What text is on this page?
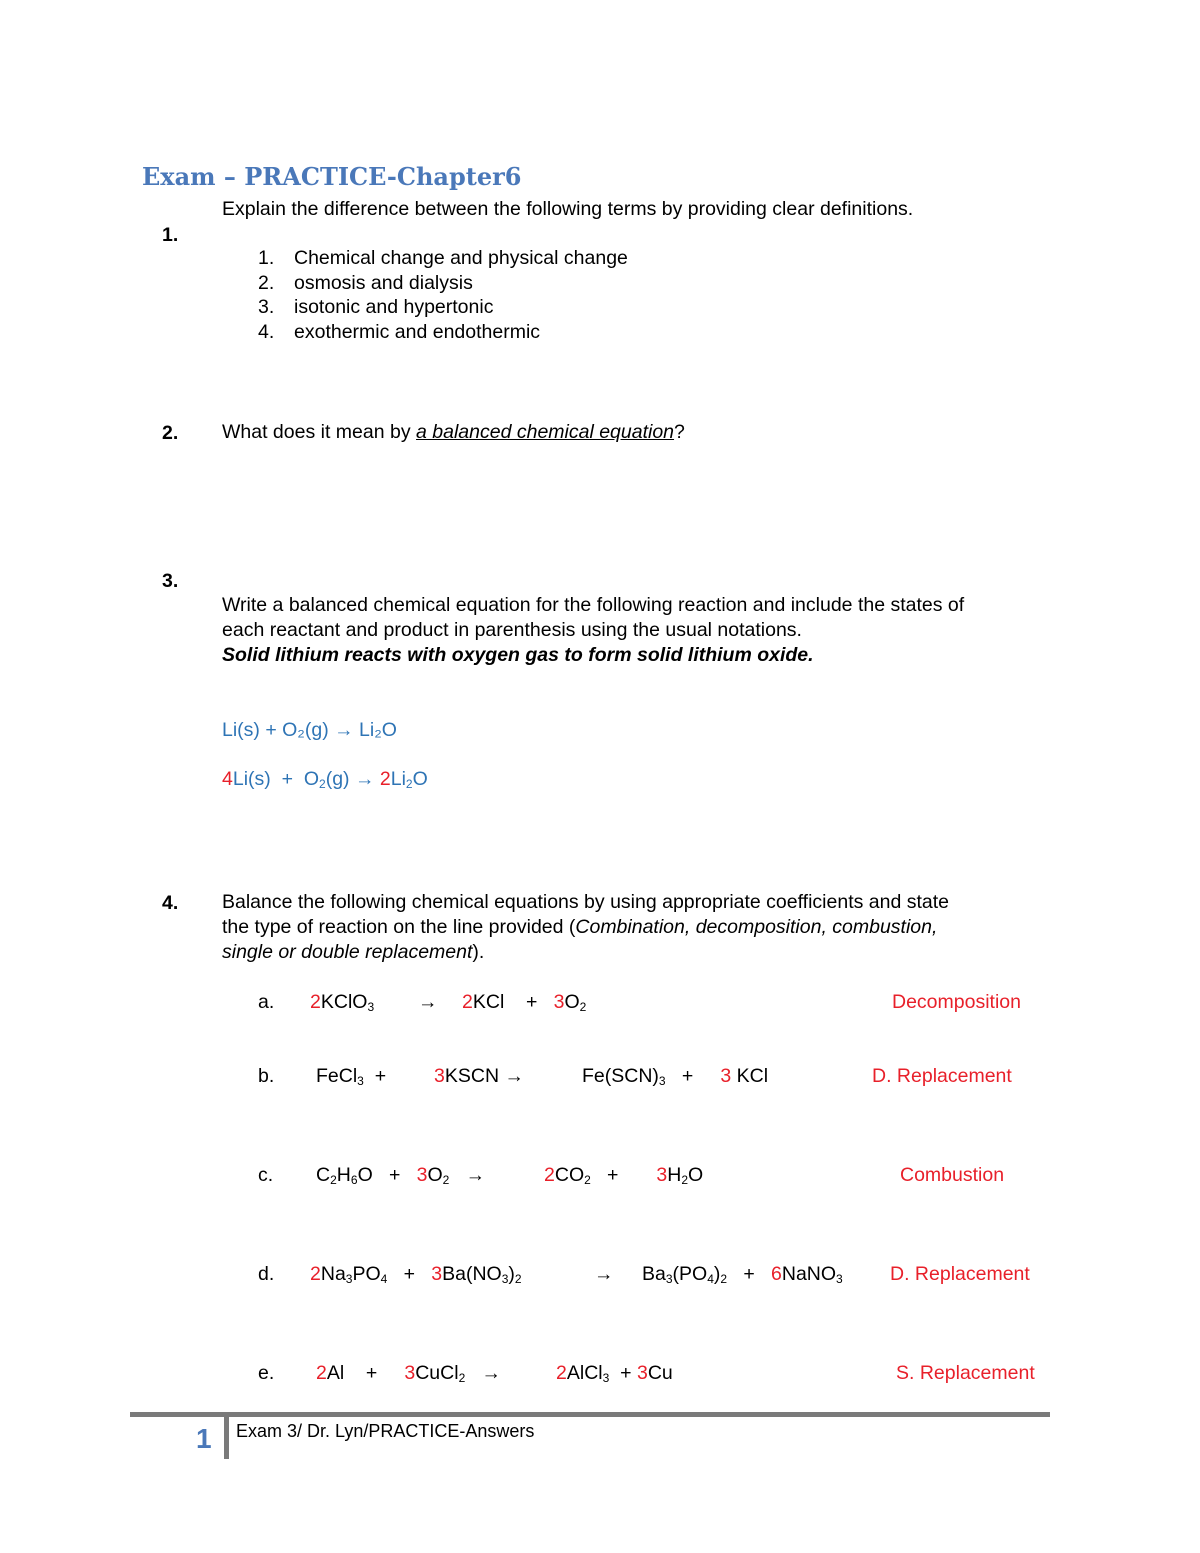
Exam – PRACTICE-Chapter6
1.
Explain the difference between the following terms by providing clear definitions.
1. Chemical change and physical change
2. osmosis and dialysis
3. isotonic and hypertonic
4. exothermic and endothermic
2. What does it mean by a balanced chemical equation?
3.
Write a balanced chemical equation for the following reaction and include the states of
each reactant and product in parenthesis using the usual notations.
Solid lithium reacts with oxygen gas to form solid lithium oxide.
Li(s) + O₂(g) → Li₂O
$4Li(s) + O_2(g) \to 2Li_2O$
4. Balance the following chemical equations by using appropriate coefficients and state
the type of reaction on the line provided (Combination, decomposition, combustion,
single or double replacement).
a. 2KClO$_3$ → 2KCl    +   $3O_2$	Decomposition
b. FeCl$_3$  + 3KSCN →	$Fe(SCN)_3$   +     3 KCl	D. Replacement
c. $C_2H_6O + 3O_2$ →	$2CO_2$   +       $3H_2O$	Combustion
d. $2Na_3PO_4 + 3Ba(NO_3)_2$	→ $Ba_3(PO_4)_2$   +   6NaNO$_3$ D. Replacement
e. 2Al    +     3CuCl$_2$ →	2AlCl$_3$  + 3Cu	S. Replacement
1 Exam 3/ Dr. Lyn/PRACTICE-Answers
